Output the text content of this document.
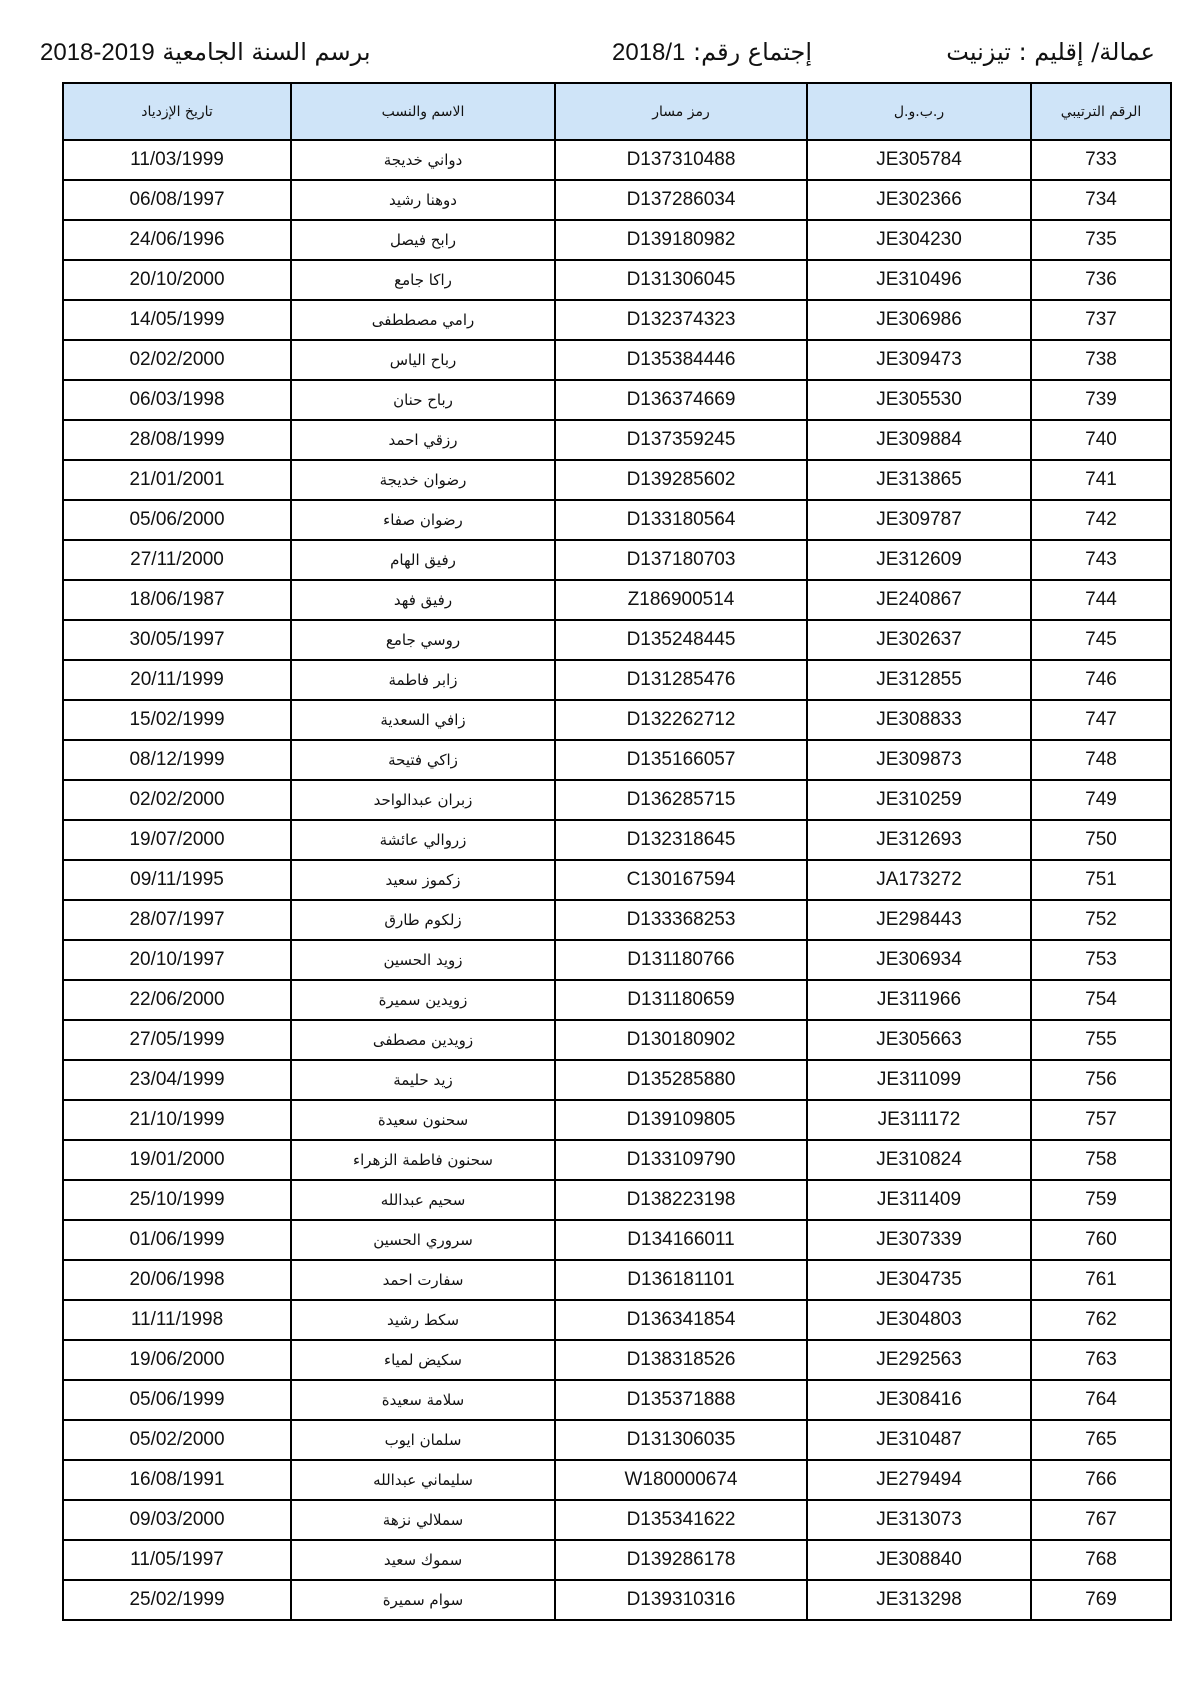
عمالة/ إقليم : تيزنيت
إجتماع رقم: 2018/1
برسم السنة الجامعية 2018-2019
الرقم الترتيبي	ر.ب.و.ل	رمز مسار	الاسم والنسب	تاريخ الإزدياد
733	JE305784	D137310488	دواني خديجة	11/03/1999
734	JE302366	D137286034	دوهنا رشيد	06/08/1997
735	JE304230	D139180982	رابح فيصل	24/06/1996
736	JE310496	D131306045	راكا جامع	20/10/2000
737	JE306986	D132374323	رامي مصططفى	14/05/1999
738	JE309473	D135384446	رباح الياس	02/02/2000
739	JE305530	D136374669	رباح حنان	06/03/1998
740	JE309884	D137359245	رزقي احمد	28/08/1999
741	JE313865	D139285602	رضوان خديجة	21/01/2001
742	JE309787	D133180564	رضوان صفاء	05/06/2000
743	JE312609	D137180703	رفيق الهام	27/11/2000
744	JE240867	Z186900514	رفيق فهد	18/06/1987
745	JE302637	D135248445	روسي جامع	30/05/1997
746	JE312855	D131285476	زابر فاطمة	20/11/1999
747	JE308833	D132262712	زافي السعدية	15/02/1999
748	JE309873	D135166057	زاكي فتيحة	08/12/1999
749	JE310259	D136285715	زبران عبدالواحد	02/02/2000
750	JE312693	D132318645	زروالي عائشة	19/07/2000
751	JA173272	C130167594	زكموز سعيد	09/11/1995
752	JE298443	D133368253	زلكوم طارق	28/07/1997
753	JE306934	D131180766	زويد الحسين	20/10/1997
754	JE311966	D131180659	زويدين سميرة	22/06/2000
755	JE305663	D130180902	زويدين مصطفى	27/05/1999
756	JE311099	D135285880	زيد حليمة	23/04/1999
757	JE311172	D139109805	سحنون سعيدة	21/10/1999
758	JE310824	D133109790	سحنون فاطمة الزهراء	19/01/2000
759	JE311409	D138223198	سحيم عبدالله	25/10/1999
760	JE307339	D134166011	سروري الحسين	01/06/1999
761	JE304735	D136181101	سفارت احمد	20/06/1998
762	JE304803	D136341854	سكط رشيد	11/11/1998
763	JE292563	D138318526	سكيض لمياء	19/06/2000
764	JE308416	D135371888	سلامة سعيدة	05/06/1999
765	JE310487	D131306035	سلمان ايوب	05/02/2000
766	JE279494	W180000674	سليماني عبدالله	16/08/1991
767	JE313073	D135341622	سملالي نزهة	09/03/2000
768	JE308840	D139286178	سموك سعيد	11/05/1997
769	JE313298	D139310316	سوام سميرة	25/02/1999
